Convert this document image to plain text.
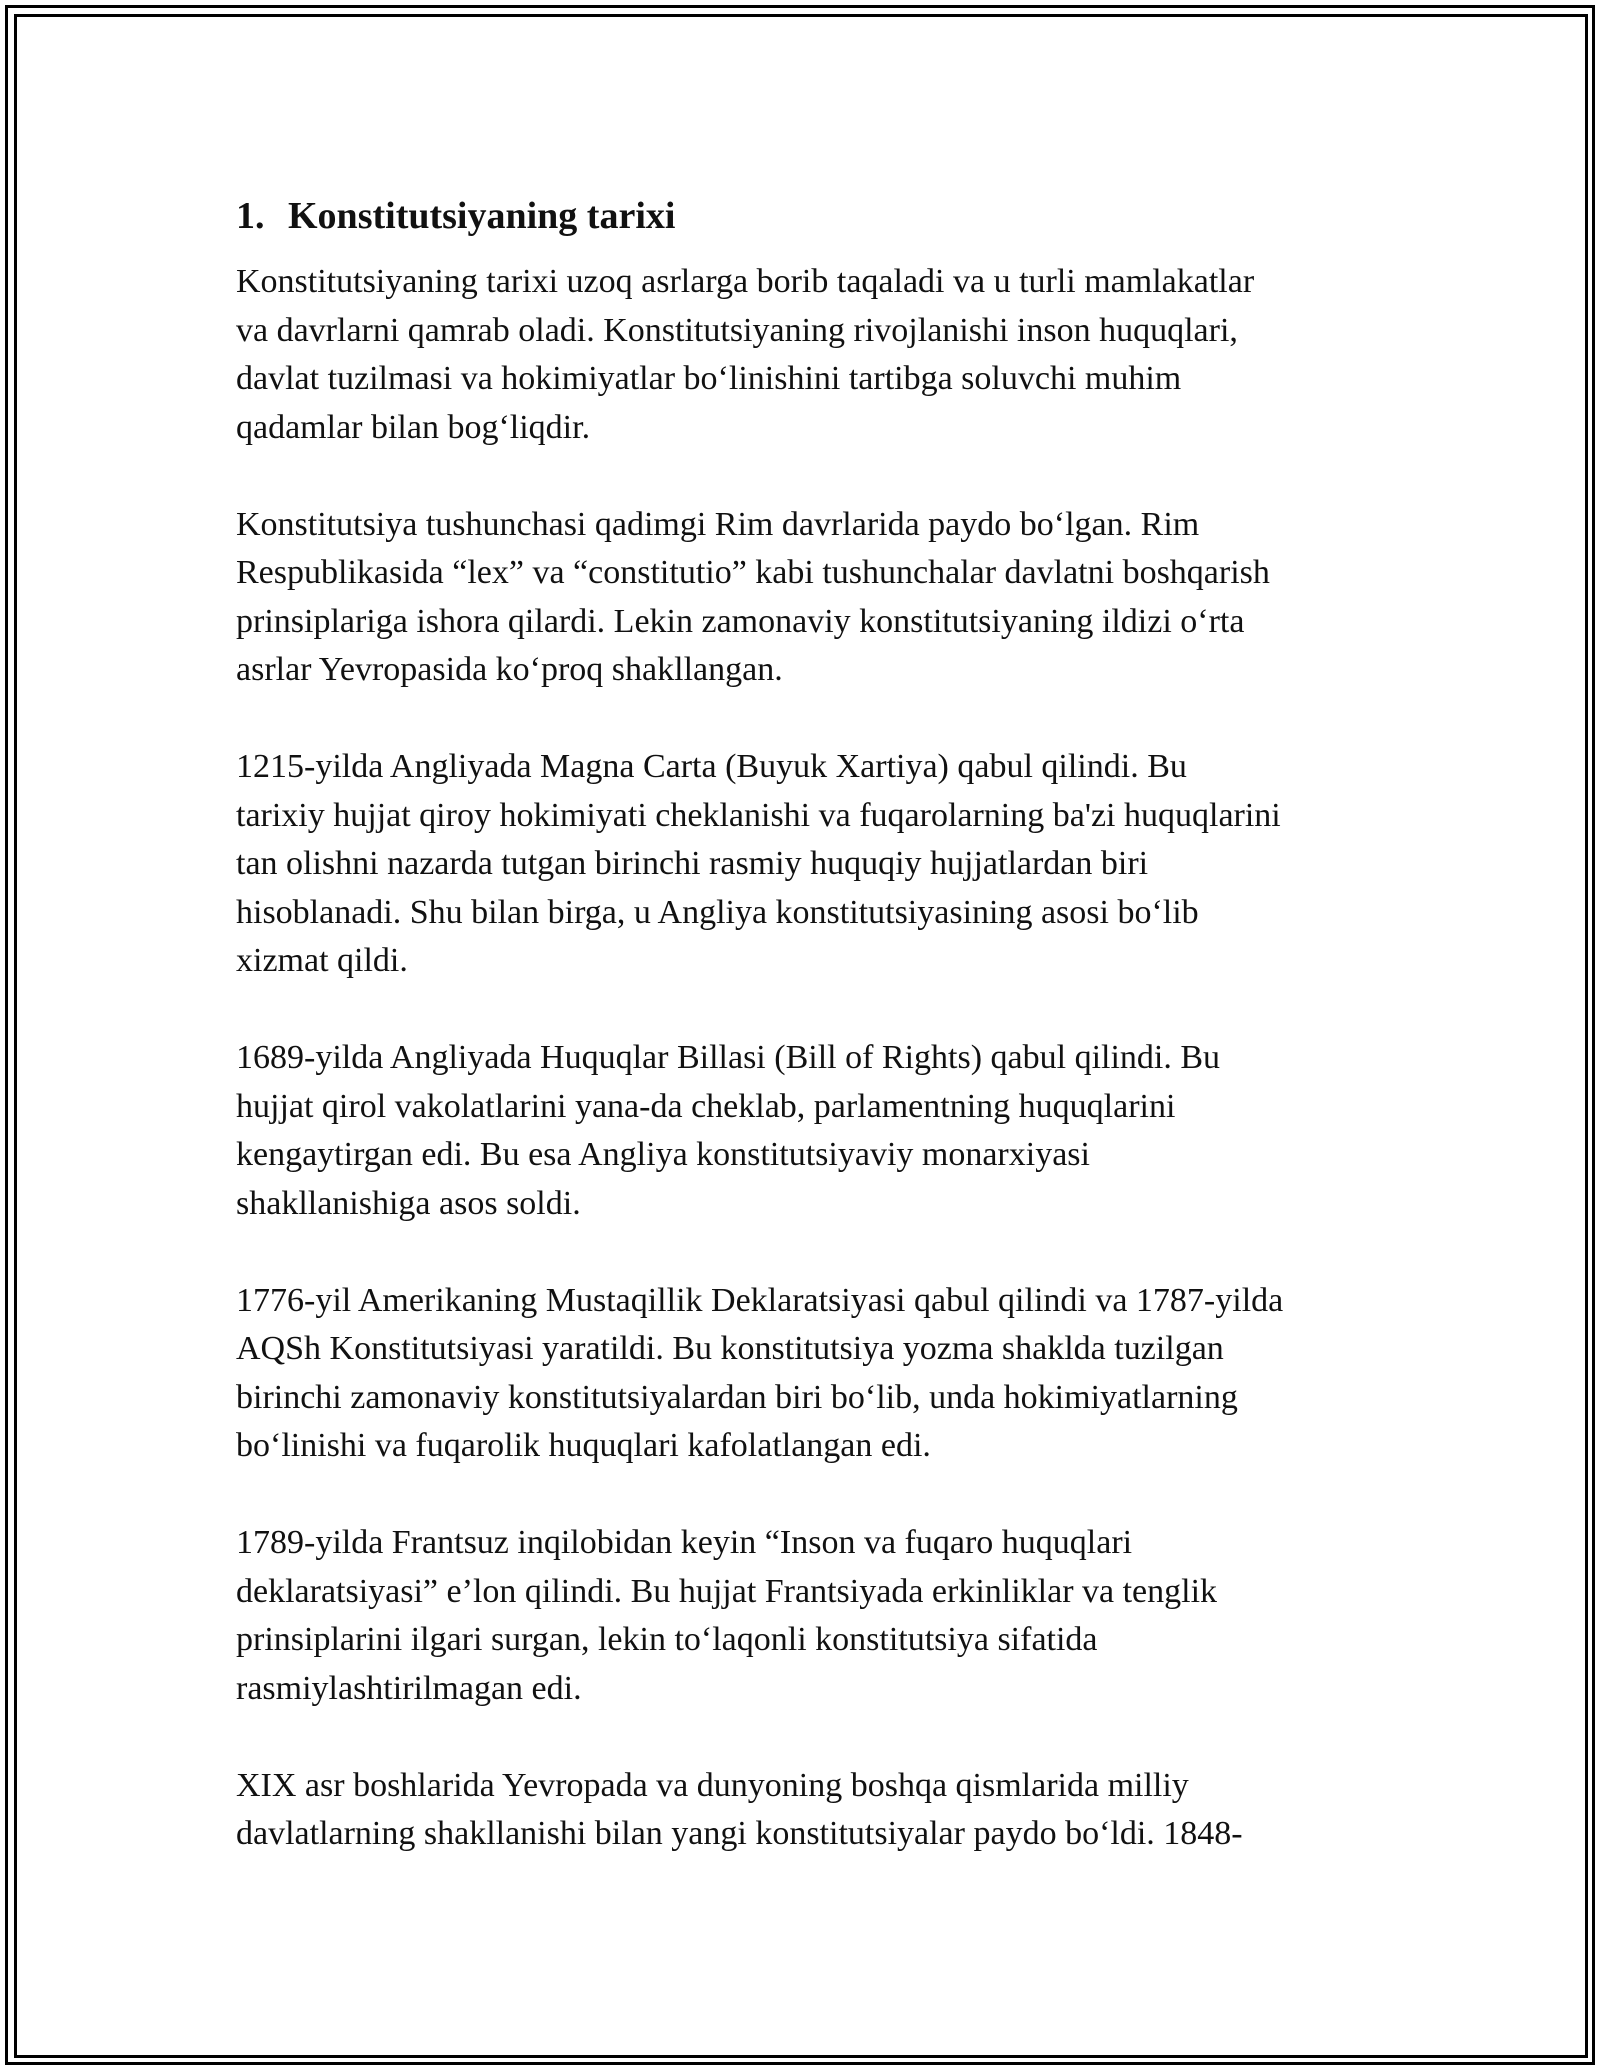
1. Konstitutsiyaning tarixi

Konstitutsiyaning tarixi uzoq asrlarga borib taqaladi va u turli mamlakatlar
va davrlarni qamrab oladi. Konstitutsiyaning rivojlanishi inson huquqlari,
davlat tuzilmasi va hokimiyatlar bo‘linishini tartibga soluvchi muhim
qadamlar bilan bog‘liqdir.

Konstitutsiya tushunchasi qadimgi Rim davrlarida paydo bo‘lgan. Rim
Respublikasida “lex” va “constitutio” kabi tushunchalar davlatni boshqarish
prinsiplariga ishora qilardi. Lekin zamonaviy konstitutsiyaning ildizi o‘rta
asrlar Yevropasida ko‘proq shakllangan.

1215-yilda Angliyada Magna Carta (Buyuk Xartiya) qabul qilindi. Bu
tarixiy hujjat qiroy hokimiyati cheklanishi va fuqarolarning ba'zi huquqlarini
tan olishni nazarda tutgan birinchi rasmiy huquqiy hujjatlardan biri
hisoblanadi. Shu bilan birga, u Angliya konstitutsiyasining asosi bo‘lib
xizmat qildi.

1689-yilda Angliyada Huquqlar Billasi (Bill of Rights) qabul qilindi. Bu
hujjat qirol vakolatlarini yana-da cheklab, parlamentning huquqlarini
kengaytirgan edi. Bu esa Angliya konstitutsiyaviy monarxiyasi
shakllanishiga asos soldi.

1776-yil Amerikaning Mustaqillik Deklaratsiyasi qabul qilindi va 1787-yilda
AQSh Konstitutsiyasi yaratildi. Bu konstitutsiya yozma shaklda tuzilgan
birinchi zamonaviy konstitutsiyalardan biri bo‘lib, unda hokimiyatlarning
bo‘linishi va fuqarolik huquqlari kafolatlangan edi.

1789-yilda Frantsuz inqilobidan keyin “Inson va fuqaro huquqlari
deklaratsiyasi” e’lon qilindi. Bu hujjat Frantsiyada erkinliklar va tenglik
prinsiplarini ilgari surgan, lekin to‘laqonli konstitutsiya sifatida
rasmiylashtirilmagan edi.

XIX asr boshlarida Yevropada va dunyoning boshqa qismlarida milliy
davlatlarning shakllanishi bilan yangi konstitutsiyalar paydo bo‘ldi. 1848-
